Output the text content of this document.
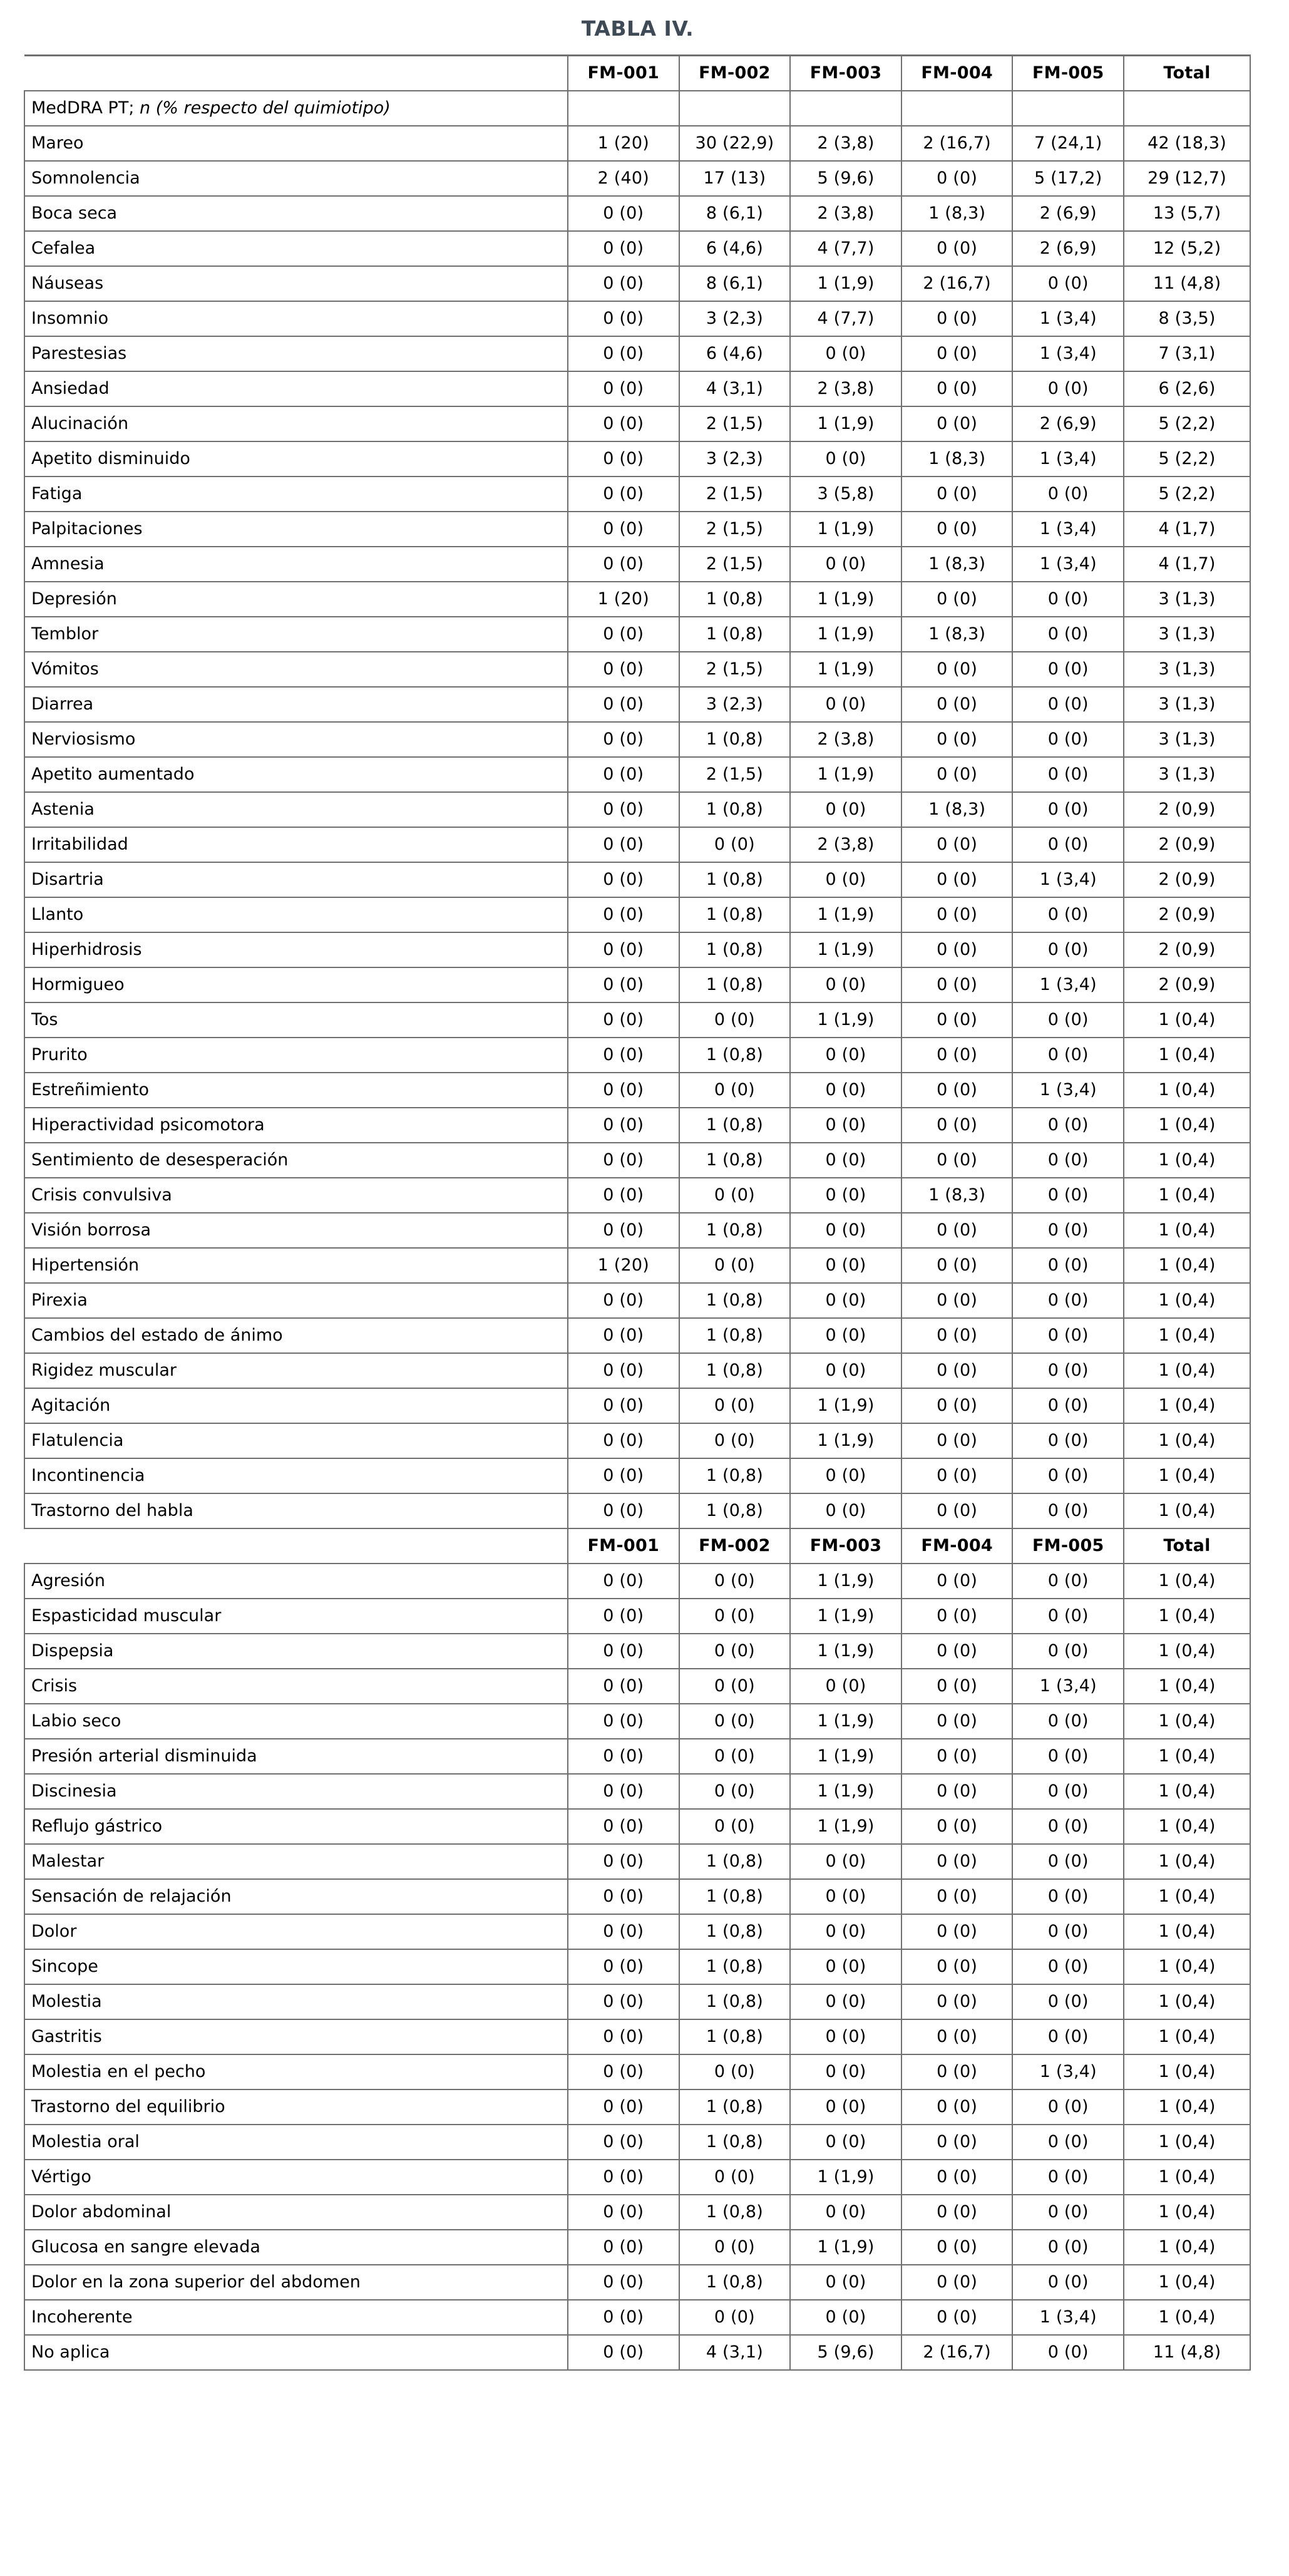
TABLA IV.
	FM-001	FM-002	FM-003	FM-004	FM-005	Total
MedDRA PT; n (% respecto del quimiotipo)						
Mareo	1 (20)	30 (22,9)	2 (3,8)	2 (16,7)	7 (24,1)	42 (18,3)
Somnolencia	2 (40)	17 (13)	5 (9,6)	0 (0)	5 (17,2)	29 (12,7)
Boca seca	0 (0)	8 (6,1)	2 (3,8)	1 (8,3)	2 (6,9)	13 (5,7)
Cefalea	0 (0)	6 (4,6)	4 (7,7)	0 (0)	2 (6,9)	12 (5,2)
Náuseas	0 (0)	8 (6,1)	1 (1,9)	2 (16,7)	0 (0)	11 (4,8)
Insomnio	0 (0)	3 (2,3)	4 (7,7)	0 (0)	1 (3,4)	8 (3,5)
Parestesias	0 (0)	6 (4,6)	0 (0)	0 (0)	1 (3,4)	7 (3,1)
Ansiedad	0 (0)	4 (3,1)	2 (3,8)	0 (0)	0 (0)	6 (2,6)
Alucinación	0 (0)	2 (1,5)	1 (1,9)	0 (0)	2 (6,9)	5 (2,2)
Apetito disminuido	0 (0)	3 (2,3)	0 (0)	1 (8,3)	1 (3,4)	5 (2,2)
Fatiga	0 (0)	2 (1,5)	3 (5,8)	0 (0)	0 (0)	5 (2,2)
Palpitaciones	0 (0)	2 (1,5)	1 (1,9)	0 (0)	1 (3,4)	4 (1,7)
Amnesia	0 (0)	2 (1,5)	0 (0)	1 (8,3)	1 (3,4)	4 (1,7)
Depresión	1 (20)	1 (0,8)	1 (1,9)	0 (0)	0 (0)	3 (1,3)
Temblor	0 (0)	1 (0,8)	1 (1,9)	1 (8,3)	0 (0)	3 (1,3)
Vómitos	0 (0)	2 (1,5)	1 (1,9)	0 (0)	0 (0)	3 (1,3)
Diarrea	0 (0)	3 (2,3)	0 (0)	0 (0)	0 (0)	3 (1,3)
Nerviosismo	0 (0)	1 (0,8)	2 (3,8)	0 (0)	0 (0)	3 (1,3)
Apetito aumentado	0 (0)	2 (1,5)	1 (1,9)	0 (0)	0 (0)	3 (1,3)
Astenia	0 (0)	1 (0,8)	0 (0)	1 (8,3)	0 (0)	2 (0,9)
Irritabilidad	0 (0)	0 (0)	2 (3,8)	0 (0)	0 (0)	2 (0,9)
Disartria	0 (0)	1 (0,8)	0 (0)	0 (0)	1 (3,4)	2 (0,9)
Llanto	0 (0)	1 (0,8)	1 (1,9)	0 (0)	0 (0)	2 (0,9)
Hiperhidrosis	0 (0)	1 (0,8)	1 (1,9)	0 (0)	0 (0)	2 (0,9)
Hormigueo	0 (0)	1 (0,8)	0 (0)	0 (0)	1 (3,4)	2 (0,9)
Tos	0 (0)	0 (0)	1 (1,9)	0 (0)	0 (0)	1 (0,4)
Prurito	0 (0)	1 (0,8)	0 (0)	0 (0)	0 (0)	1 (0,4)
Estreñimiento	0 (0)	0 (0)	0 (0)	0 (0)	1 (3,4)	1 (0,4)
Hiperactividad psicomotora	0 (0)	1 (0,8)	0 (0)	0 (0)	0 (0)	1 (0,4)
Sentimiento de desesperación	0 (0)	1 (0,8)	0 (0)	0 (0)	0 (0)	1 (0,4)
Crisis convulsiva	0 (0)	0 (0)	0 (0)	1 (8,3)	0 (0)	1 (0,4)
Visión borrosa	0 (0)	1 (0,8)	0 (0)	0 (0)	0 (0)	1 (0,4)
Hipertensión	1 (20)	0 (0)	0 (0)	0 (0)	0 (0)	1 (0,4)
Pirexia	0 (0)	1 (0,8)	0 (0)	0 (0)	0 (0)	1 (0,4)
Cambios del estado de ánimo	0 (0)	1 (0,8)	0 (0)	0 (0)	0 (0)	1 (0,4)
Rigidez muscular	0 (0)	1 (0,8)	0 (0)	0 (0)	0 (0)	1 (0,4)
Agitación	0 (0)	0 (0)	1 (1,9)	0 (0)	0 (0)	1 (0,4)
Flatulencia	0 (0)	0 (0)	1 (1,9)	0 (0)	0 (0)	1 (0,4)
Incontinencia	0 (0)	1 (0,8)	0 (0)	0 (0)	0 (0)	1 (0,4)
Trastorno del habla	0 (0)	1 (0,8)	0 (0)	0 (0)	0 (0)	1 (0,4)
	FM-001	FM-002	FM-003	FM-004	FM-005	Total
Agresión	0 (0)	0 (0)	1 (1,9)	0 (0)	0 (0)	1 (0,4)
Espasticidad muscular	0 (0)	0 (0)	1 (1,9)	0 (0)	0 (0)	1 (0,4)
Dispepsia	0 (0)	0 (0)	1 (1,9)	0 (0)	0 (0)	1 (0,4)
Crisis	0 (0)	0 (0)	0 (0)	0 (0)	1 (3,4)	1 (0,4)
Labio seco	0 (0)	0 (0)	1 (1,9)	0 (0)	0 (0)	1 (0,4)
Presión arterial disminuida	0 (0)	0 (0)	1 (1,9)	0 (0)	0 (0)	1 (0,4)
Discinesia	0 (0)	0 (0)	1 (1,9)	0 (0)	0 (0)	1 (0,4)
Reflujo gástrico	0 (0)	0 (0)	1 (1,9)	0 (0)	0 (0)	1 (0,4)
Malestar	0 (0)	1 (0,8)	0 (0)	0 (0)	0 (0)	1 (0,4)
Sensación de relajación	0 (0)	1 (0,8)	0 (0)	0 (0)	0 (0)	1 (0,4)
Dolor	0 (0)	1 (0,8)	0 (0)	0 (0)	0 (0)	1 (0,4)
Sincope	0 (0)	1 (0,8)	0 (0)	0 (0)	0 (0)	1 (0,4)
Molestia	0 (0)	1 (0,8)	0 (0)	0 (0)	0 (0)	1 (0,4)
Gastritis	0 (0)	1 (0,8)	0 (0)	0 (0)	0 (0)	1 (0,4)
Molestia en el pecho	0 (0)	0 (0)	0 (0)	0 (0)	1 (3,4)	1 (0,4)
Trastorno del equilibrio	0 (0)	1 (0,8)	0 (0)	0 (0)	0 (0)	1 (0,4)
Molestia oral	0 (0)	1 (0,8)	0 (0)	0 (0)	0 (0)	1 (0,4)
Vértigo	0 (0)	0 (0)	1 (1,9)	0 (0)	0 (0)	1 (0,4)
Dolor abdominal	0 (0)	1 (0,8)	0 (0)	0 (0)	0 (0)	1 (0,4)
Glucosa en sangre elevada	0 (0)	0 (0)	1 (1,9)	0 (0)	0 (0)	1 (0,4)
Dolor en la zona superior del abdomen	0 (0)	1 (0,8)	0 (0)	0 (0)	0 (0)	1 (0,4)
Incoherente	0 (0)	0 (0)	0 (0)	0 (0)	1 (3,4)	1 (0,4)
No aplica	0 (0)	4 (3,1)	5 (9,6)	2 (16,7)	0 (0)	11 (4,8)
